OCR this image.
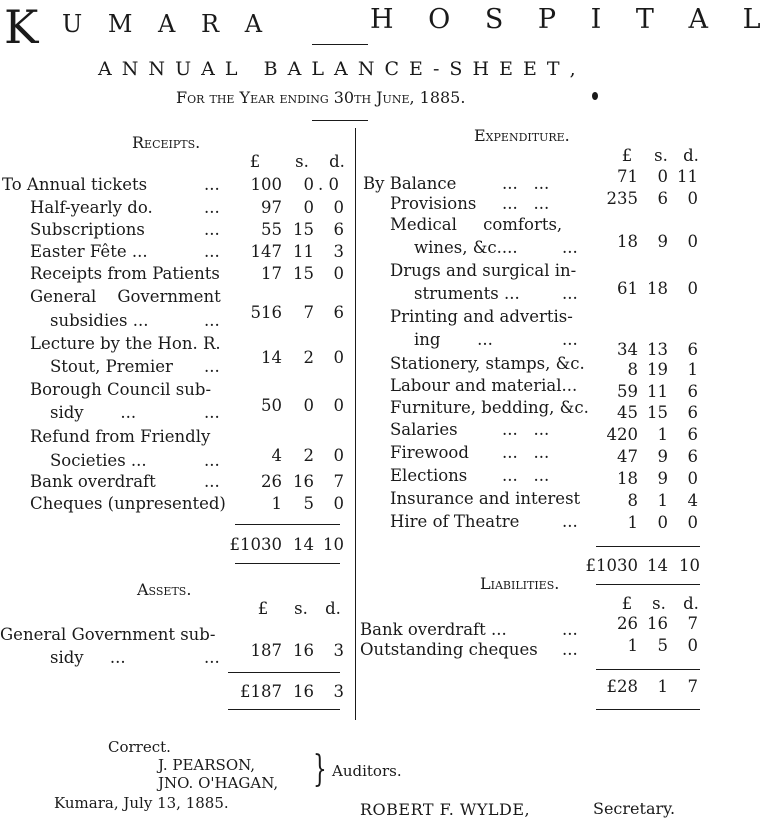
K U M A R A	H O S P I T A L
A N N U A L   B A L A N C E - S H E E T ,
For the Year ending 30th June, 1885.
Receipts.
£ s. d.
To Annual tickets	...	100	0 . 0
Half-yearly do.	...	97	0	0
Subscriptions	...	55 15	6
Easter Fête ...	...	147 11	3
Receipts from Patients	17 15	0
General    Government
subsidies ...	...	516	7	6
Lecture by the Hon. R.
Stout, Premier ...	14	2	0
Borough Council sub-
sidy       ...	...	50	0	0
Refund from Friendly
Societies ...	...	4	2	0
Bank overdraft	...	26 16	7
Cheques (unpresented)	1	5	0
£1030 14 10
Assets.
£ s. d.
General Government sub-
sidy     ...	...	187 16	3
£187 16	3
Expenditure.
£ s. d.
By Balance	...   ...	71	0 11
Provisions ...   ...	235	6	0
Medical     comforts,
wines, &c....	...	18	9	0
Drugs and surgical in-
struments ...	...	61 18	0
Printing and advertis-
ing       ...	...
34 13	6
Stationery, stamps, &c.	8 19	1
Labour and material...	59 11	6
Furniture, bedding, &c.	45 15	6
Salaries	...   ...	420	1	6
Firewood ...   ...	47	9	6
Elections ...   ...	18	9	0
Insurance and interest	8	1	4
Hire of Theatre	...	1	0	0
£1030 14 10
Liabilities.
£ s. d.
Bank overdraft ...	...	26 16	7
Outstanding cheques ...	1	5	0
£28	1	7
Correct.
J. PEARSON,
JNO. O'HAGAN, } Auditors.
Kumara, July 13, 1885.	ROBERT F. WYLDE,	Secretary.
